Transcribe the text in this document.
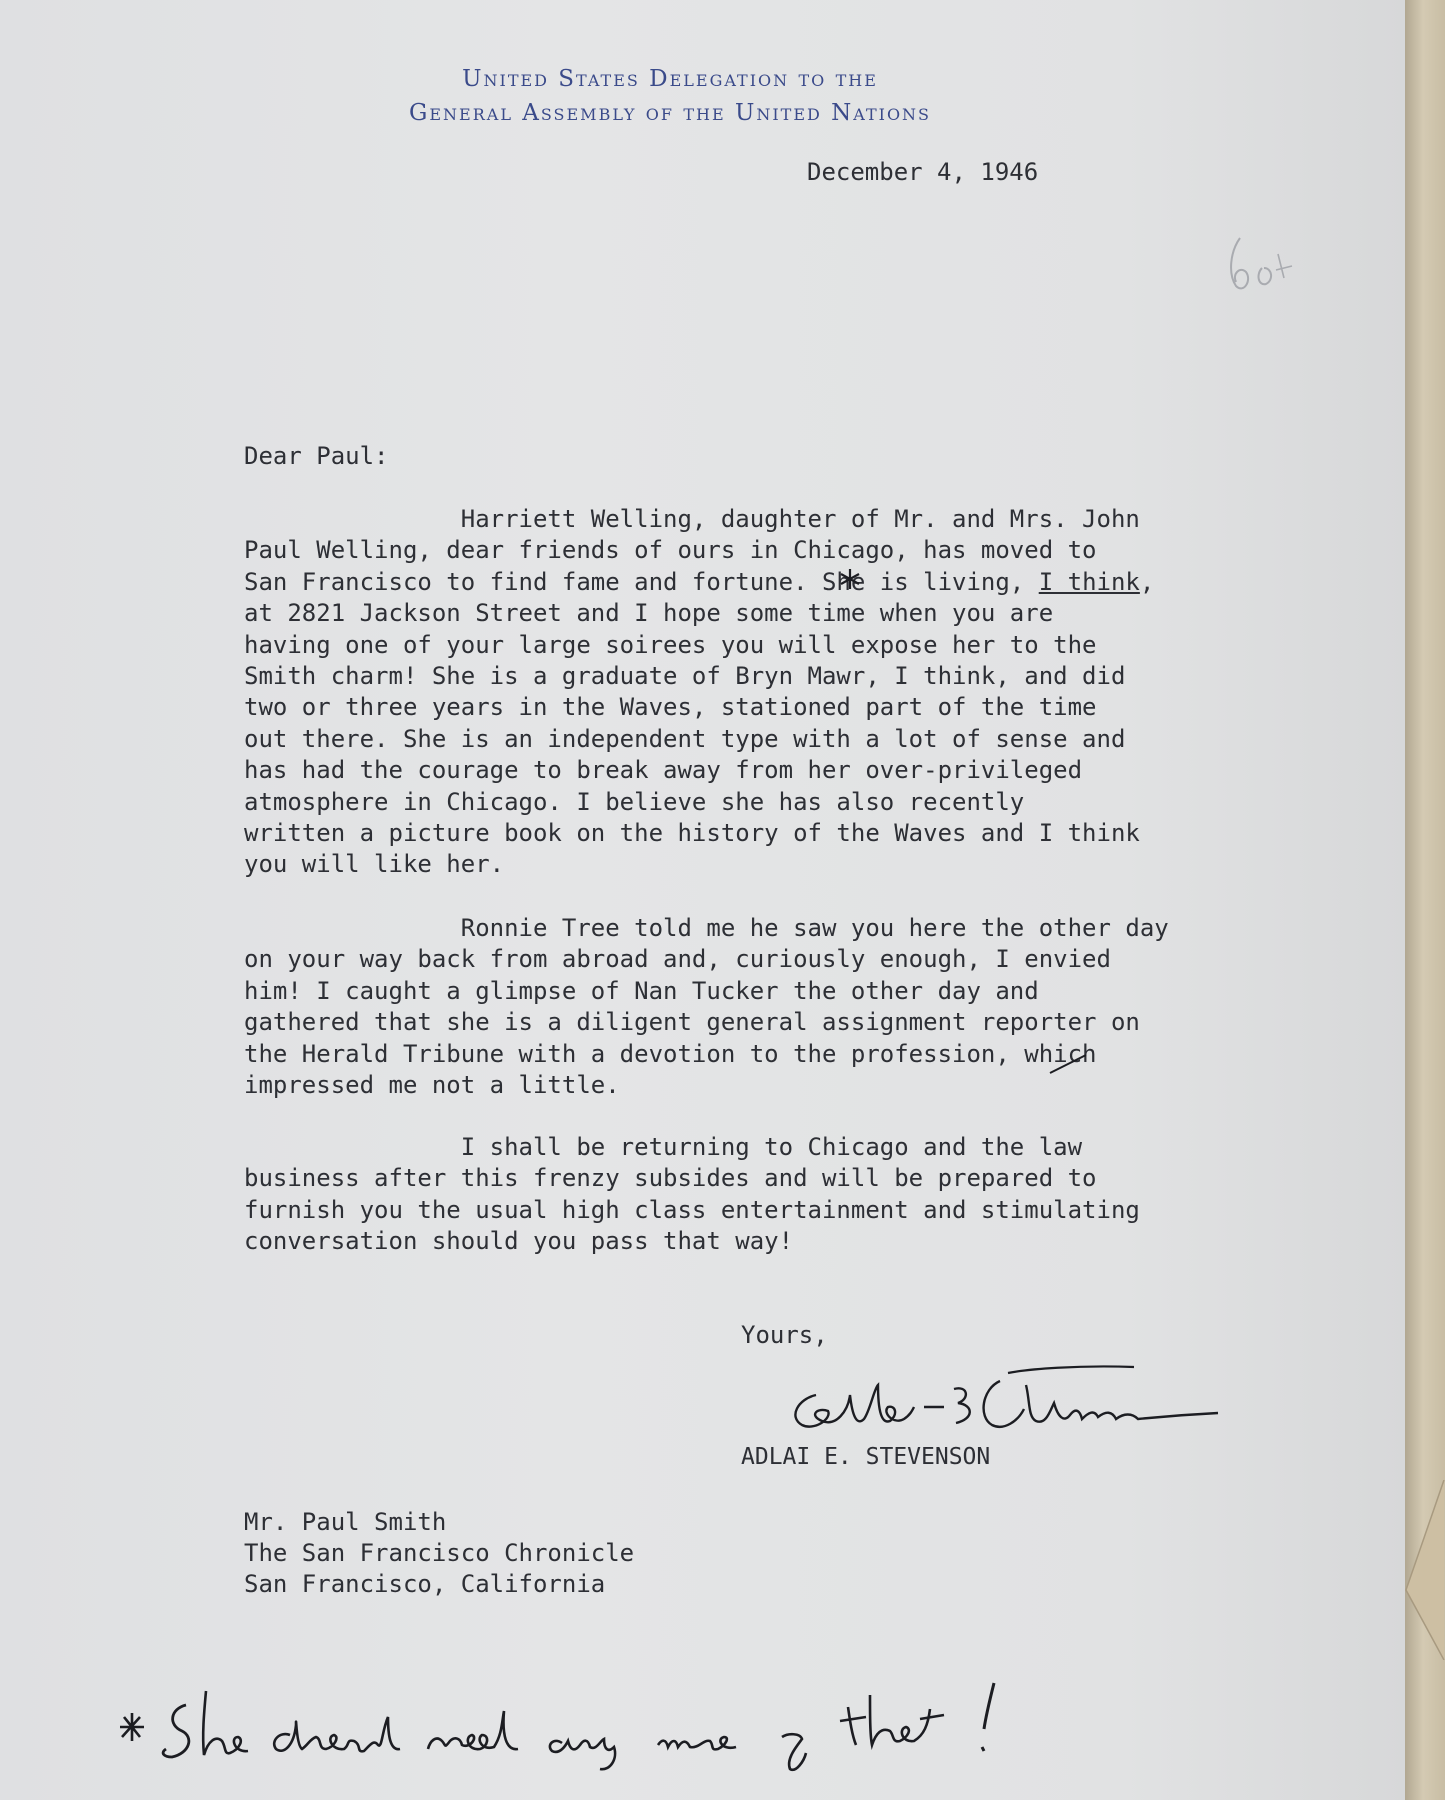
United States Delegation to the
General Assembly of the United Nations
December 4, 1946
Dear Paul:
Harriett Welling, daughter of Mr. and Mrs. John
Paul Welling, dear friends of ours in Chicago, has moved to
San Francisco to find fame and fortune. She is living, I think,
at 2821 Jackson Street and I hope some time when you are
having one of your large soirees you will expose her to the
Smith charm! She is a graduate of Bryn Mawr, I think, and did
two or three years in the Waves, stationed part of the time
out there. She is an independent type with a lot of sense and
has had the courage to break away from her over-privileged
atmosphere in Chicago. I believe she has also recently
written a picture book on the history of the Waves and I think
you will like her.
Ronnie Tree told me he saw you here the other day
on your way back from abroad and, curiously enough, I envied
him! I caught a glimpse of Nan Tucker the other day and
gathered that she is a diligent general assignment reporter on
the Herald Tribune with a devotion to the profession, which
impressed me not a little.
I shall be returning to Chicago and the law
business after this frenzy subsides and will be prepared to
furnish you the usual high class entertainment and stimulating
conversation should you pass that way!
Yours,
ADLAI E. STEVENSON
Mr. Paul Smith
The San Francisco Chronicle
San Francisco, California
